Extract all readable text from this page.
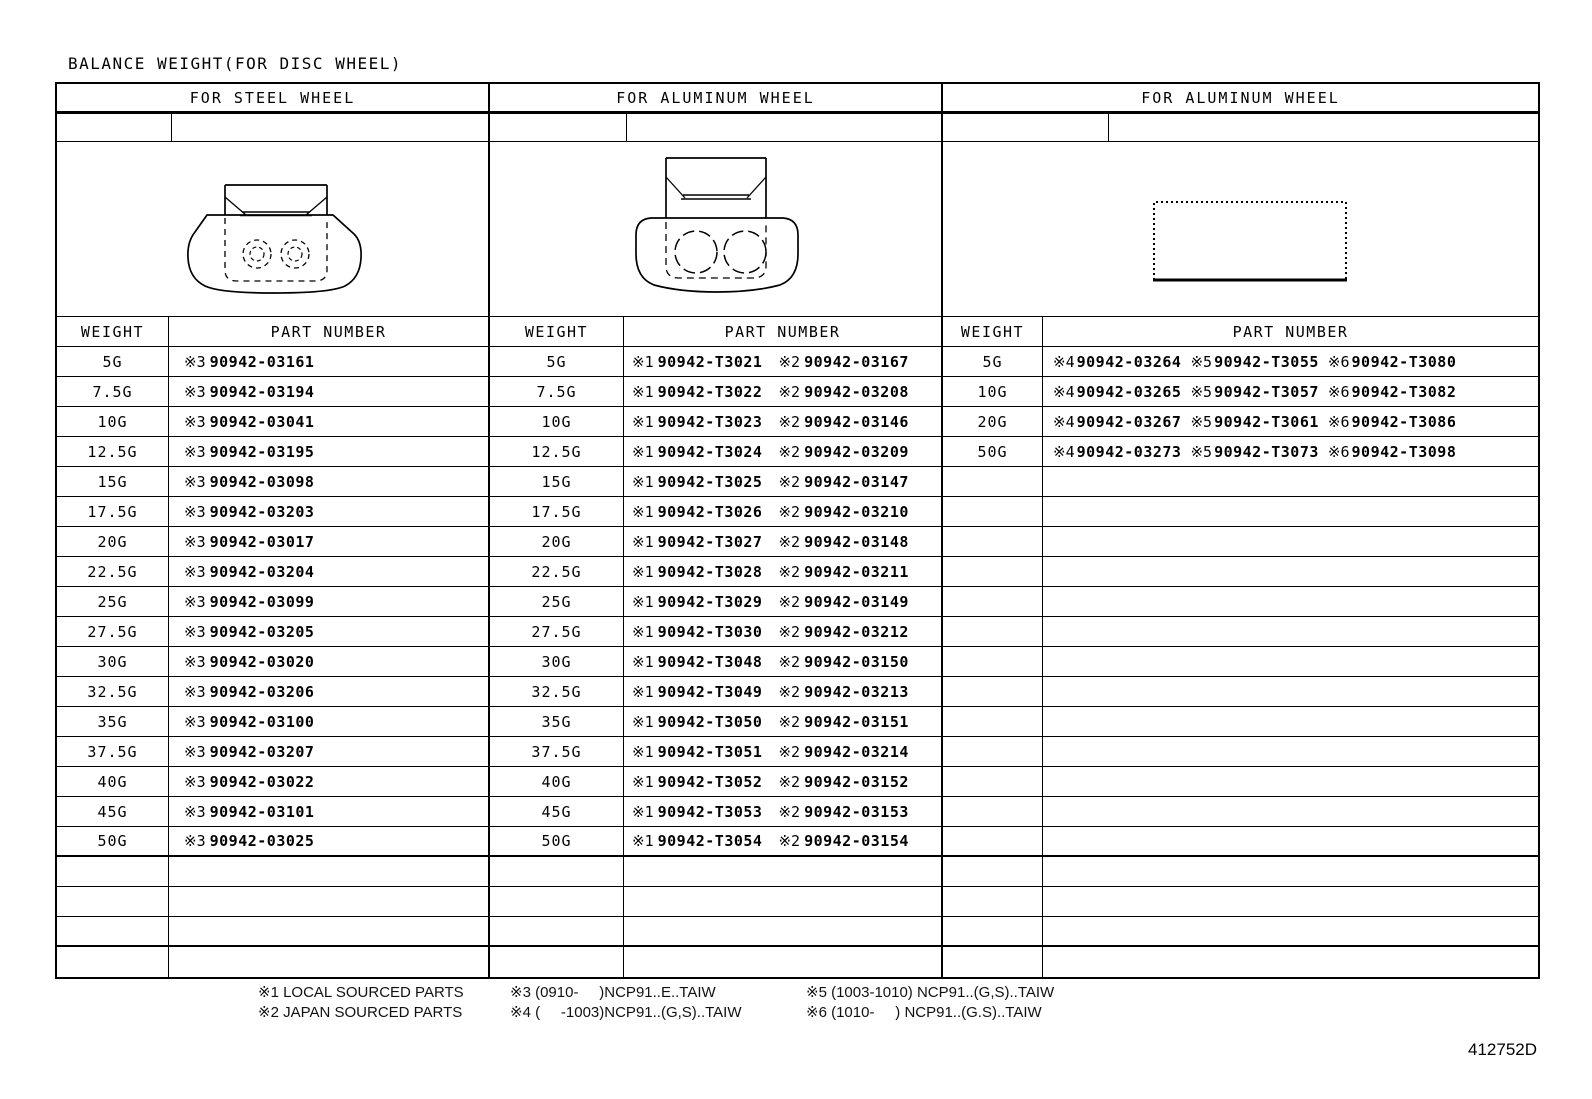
BALANCE WEIGHT(FOR DISC WHEEL)
FOR STEEL WHEEL
WEIGHT	PART NUMBER
5G	※3 90942-03161
7.5G	※3 90942-03194
10G	※3 90942-03041
12.5G	※3 90942-03195
15G	※3 90942-03098
17.5G	※3 90942-03203
20G	※3 90942-03017
22.5G	※3 90942-03204
25G	※3 90942-03099
27.5G	※3 90942-03205
30G	※3 90942-03020
32.5G	※3 90942-03206
35G	※3 90942-03100
37.5G	※3 90942-03207
40G	※3 90942-03022
45G	※3 90942-03101
50G	※3 90942-03025
FOR ALUMINUM WHEEL
WEIGHT	PART NUMBER
5G	※1 90942-T3021 ※2 90942-03167
7.5G	※1 90942-T3022 ※2 90942-03208
10G	※1 90942-T3023 ※2 90942-03146
12.5G	※1 90942-T3024 ※2 90942-03209
15G	※1 90942-T3025 ※2 90942-03147
17.5G	※1 90942-T3026 ※2 90942-03210
20G	※1 90942-T3027 ※2 90942-03148
22.5G	※1 90942-T3028 ※2 90942-03211
25G	※1 90942-T3029 ※2 90942-03149
27.5G	※1 90942-T3030 ※2 90942-03212
30G	※1 90942-T3048 ※2 90942-03150
32.5G	※1 90942-T3049 ※2 90942-03213
35G	※1 90942-T3050 ※2 90942-03151
37.5G	※1 90942-T3051 ※2 90942-03214
40G	※1 90942-T3052 ※2 90942-03152
45G	※1 90942-T3053 ※2 90942-03153
50G	※1 90942-T3054 ※2 90942-03154
FOR ALUMINUM WHEEL
WEIGHT	PART NUMBER
5G	※4 90942-03264 ※5 90942-T3055 ※6 90942-T3080
10G	※4 90942-03265 ※5 90942-T3057 ※6 90942-T3082
20G	※4 90942-03267 ※5 90942-T3061 ※6 90942-T3086
50G	※4 90942-03273 ※5 90942-T3073 ※6 90942-T3098
※1 LOCAL SOURCED PARTS
※2 JAPAN SOURCED PARTS
※3 (0910-     )NCP91..E..TAIW
※4 (     -1003)NCP91..(G,S)..TAIW
※5 (1003-1010) NCP91..(G,S)..TAIW
※6 (1010-     ) NCP91..(G.S)..TAIW
412752D
